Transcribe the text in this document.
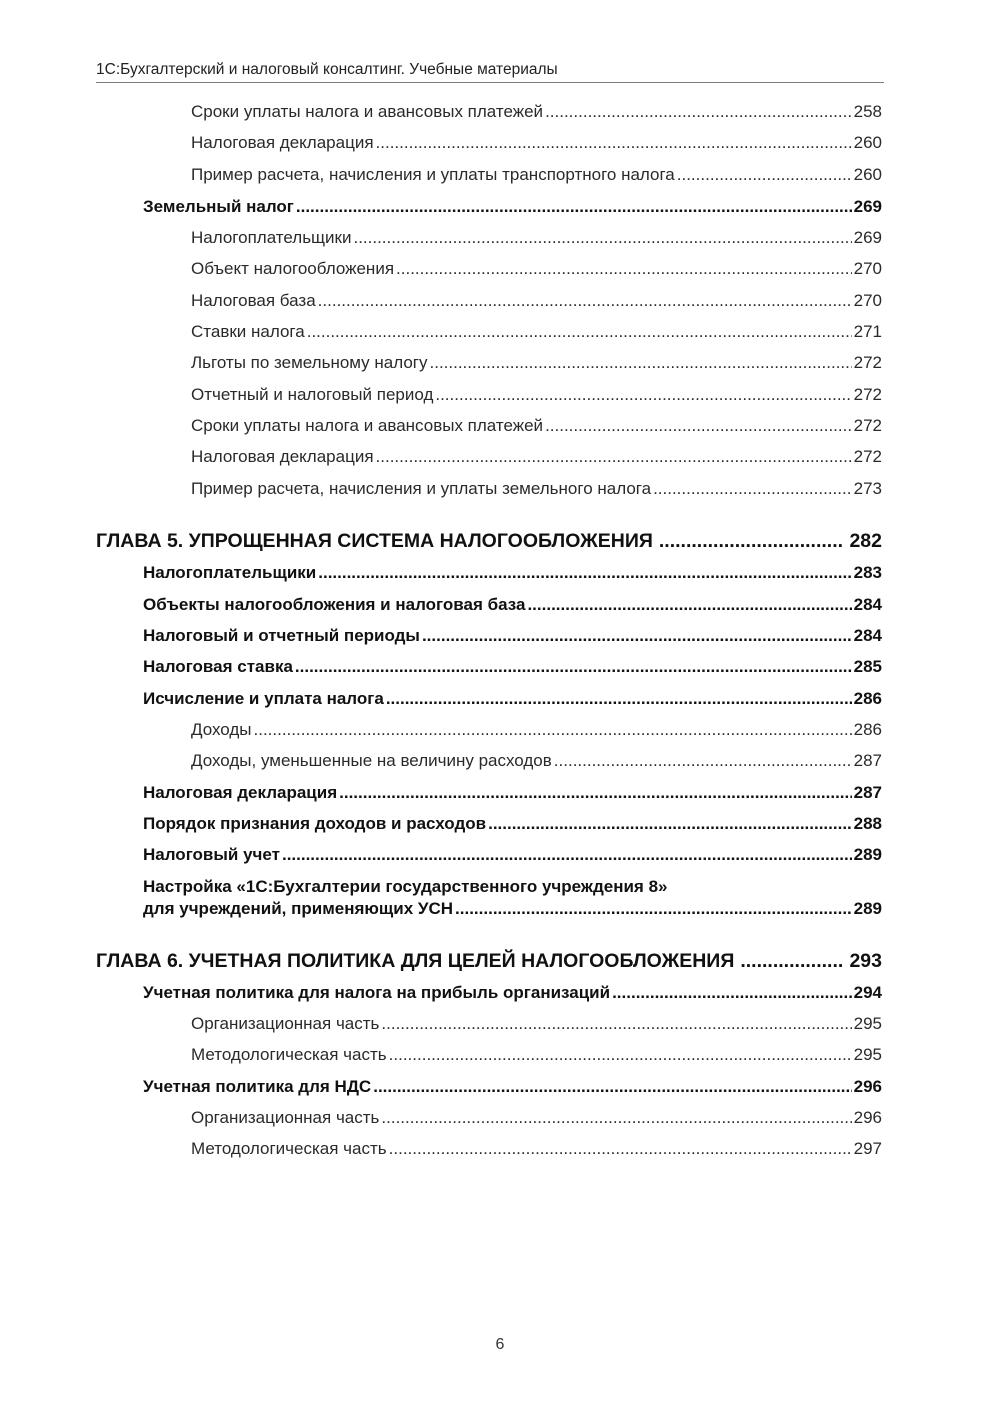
1С:Бухгалтерский и налоговый консалтинг. Учебные материалы
Сроки уплаты налога и авансовых платежей .....	258
Налоговая декларация .....	260
Пример расчета, начисления и уплаты транспортного налога .....	260
Земельный налог .....	269
Налогоплательщики .....	269
Объект налогообложения .....	270
Налоговая база .....	270
Ставки налога .....	271
Льготы по земельному налогу .....	272
Отчетный и налоговый период .....	272
Сроки уплаты налога и авансовых платежей .....	272
Налоговая декларация .....	272
Пример расчета, начисления и уплаты земельного налога .....	273
ГЛАВА 5. УПРОЩЕННАЯ СИСТЕМА НАЛОГООБЛОЖЕНИЯ .....	282
Налогоплательщики .....	283
Объекты налогообложения и налоговая база .....	284
Налоговый и отчетный периоды .....	284
Налоговая ставка .....	285
Исчисление и уплата налога .....	286
Доходы .....	286
Доходы, уменьшенные на величину расходов .....	287
Налоговая декларация .....	287
Порядок признания доходов и расходов .....	288
Налоговый учет .....	289
Настройка «1С:Бухгалтерии государственного учреждения 8»
для учреждений, применяющих УСН .....	289
ГЛАВА 6. УЧЕТНАЯ ПОЛИТИКА ДЛЯ ЦЕЛЕЙ НАЛОГООБЛОЖЕНИЯ .....	293
Учетная политика для налога на прибыль организаций .....	294
Организационная часть .....	295
Методологическая часть .....	295
Учетная политика для НДС .....	296
Организационная часть .....	296
Методологическая часть .....	297
6
